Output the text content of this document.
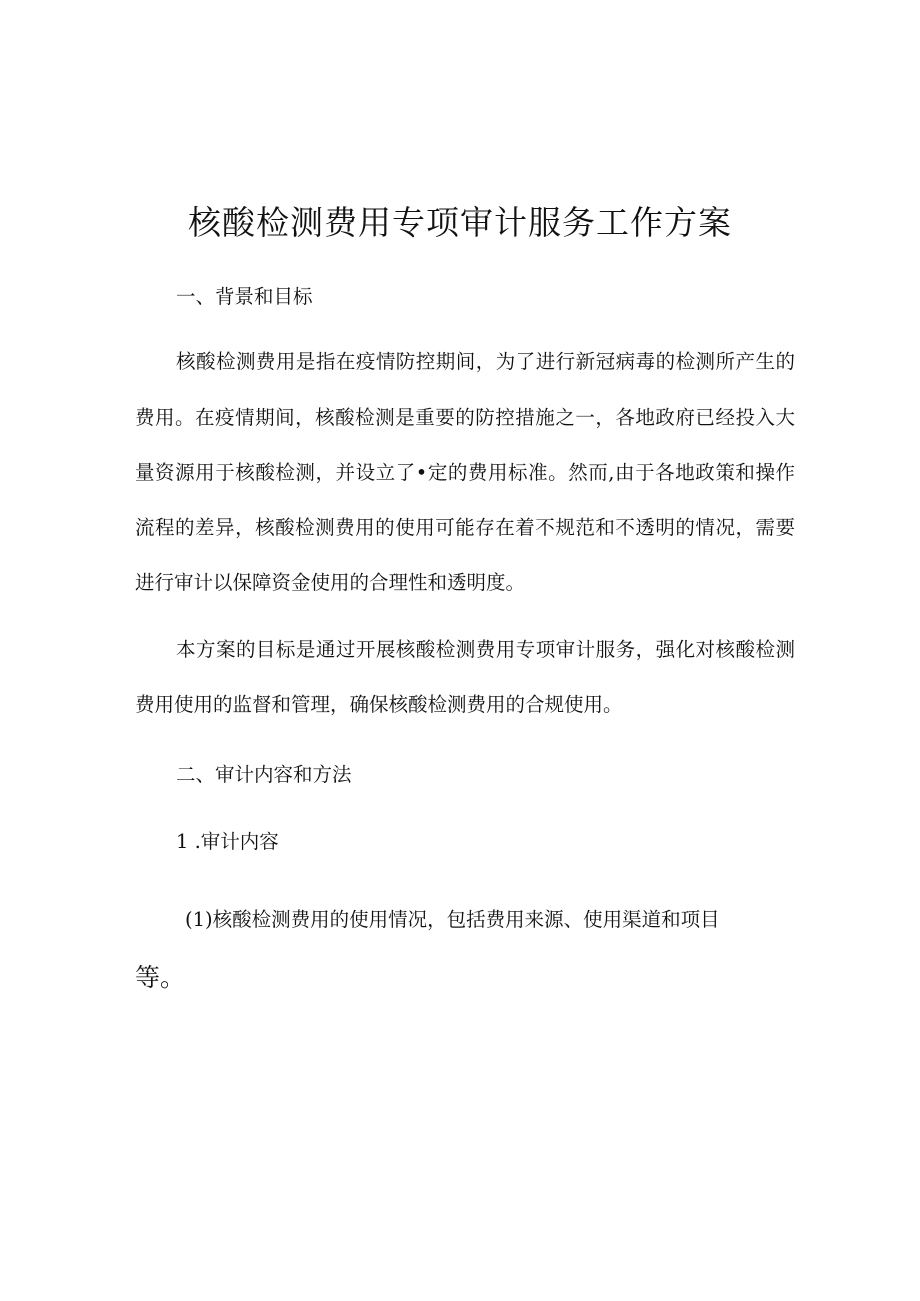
核酸检测费用专项审计服务工作方案
一、背景和目标
核酸检测费用是指在疫情防控期间，为了进行新冠病毒的检测所产生的
费用。在疫情期间，核酸检测是重要的防控措施之一，各地政府已经投入大
量资源用于核酸检测，并设立了•定的费用标准。然而,由于各地政策和操作
流程的差异，核酸检测费用的使用可能存在着不规范和不透明的情况，需要
进行审计以保障资金使用的合理性和透明度。
本方案的目标是通过开展核酸检测费用专项审计服务，强化对核酸检测
费用使用的监督和管理，确保核酸检测费用的合规使用。
二、审计内容和方法
1 .审计内容
(1)核酸检测费用的使用情况，包括费用来源、使用渠道和项目
等。
